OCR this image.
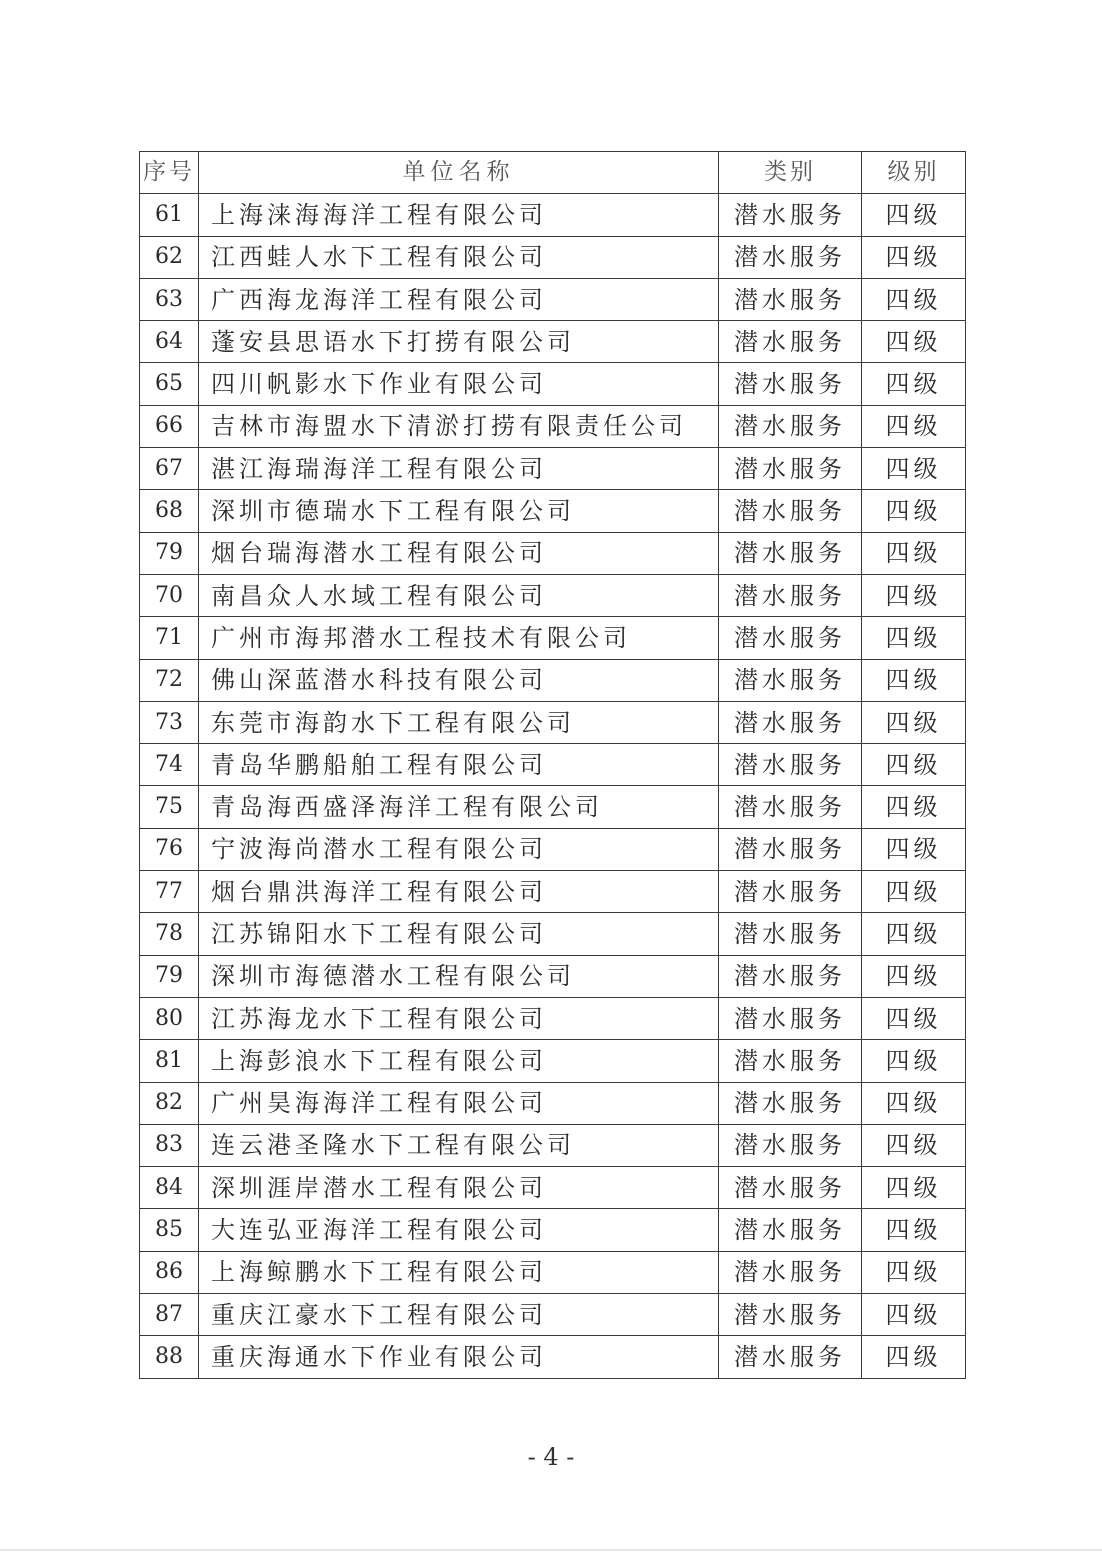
序号	单位名称	类别	级别
61	上海涞海海洋工程有限公司	潜水服务	四级
62	江西蛙人水下工程有限公司	潜水服务	四级
63	广西海龙海洋工程有限公司	潜水服务	四级
64	蓬安县思语水下打捞有限公司	潜水服务	四级
65	四川帆影水下作业有限公司	潜水服务	四级
66	吉林市海盟水下清淤打捞有限责任公司	潜水服务	四级
67	湛江海瑞海洋工程有限公司	潜水服务	四级
68	深圳市德瑞水下工程有限公司	潜水服务	四级
79	烟台瑞海潜水工程有限公司	潜水服务	四级
70	南昌众人水域工程有限公司	潜水服务	四级
71	广州市海邦潜水工程技术有限公司	潜水服务	四级
72	佛山深蓝潜水科技有限公司	潜水服务	四级
73	东莞市海韵水下工程有限公司	潜水服务	四级
74	青岛华鹏船舶工程有限公司	潜水服务	四级
75	青岛海西盛泽海洋工程有限公司	潜水服务	四级
76	宁波海尚潜水工程有限公司	潜水服务	四级
77	烟台鼎洪海洋工程有限公司	潜水服务	四级
78	江苏锦阳水下工程有限公司	潜水服务	四级
79	深圳市海德潜水工程有限公司	潜水服务	四级
80	江苏海龙水下工程有限公司	潜水服务	四级
81	上海彭浪水下工程有限公司	潜水服务	四级
82	广州昊海海洋工程有限公司	潜水服务	四级
83	连云港圣隆水下工程有限公司	潜水服务	四级
84	深圳涯岸潜水工程有限公司	潜水服务	四级
85	大连弘亚海洋工程有限公司	潜水服务	四级
86	上海鲸鹏水下工程有限公司	潜水服务	四级
87	重庆江豪水下工程有限公司	潜水服务	四级
88	重庆海通水下作业有限公司	潜水服务	四级
- 4 -
